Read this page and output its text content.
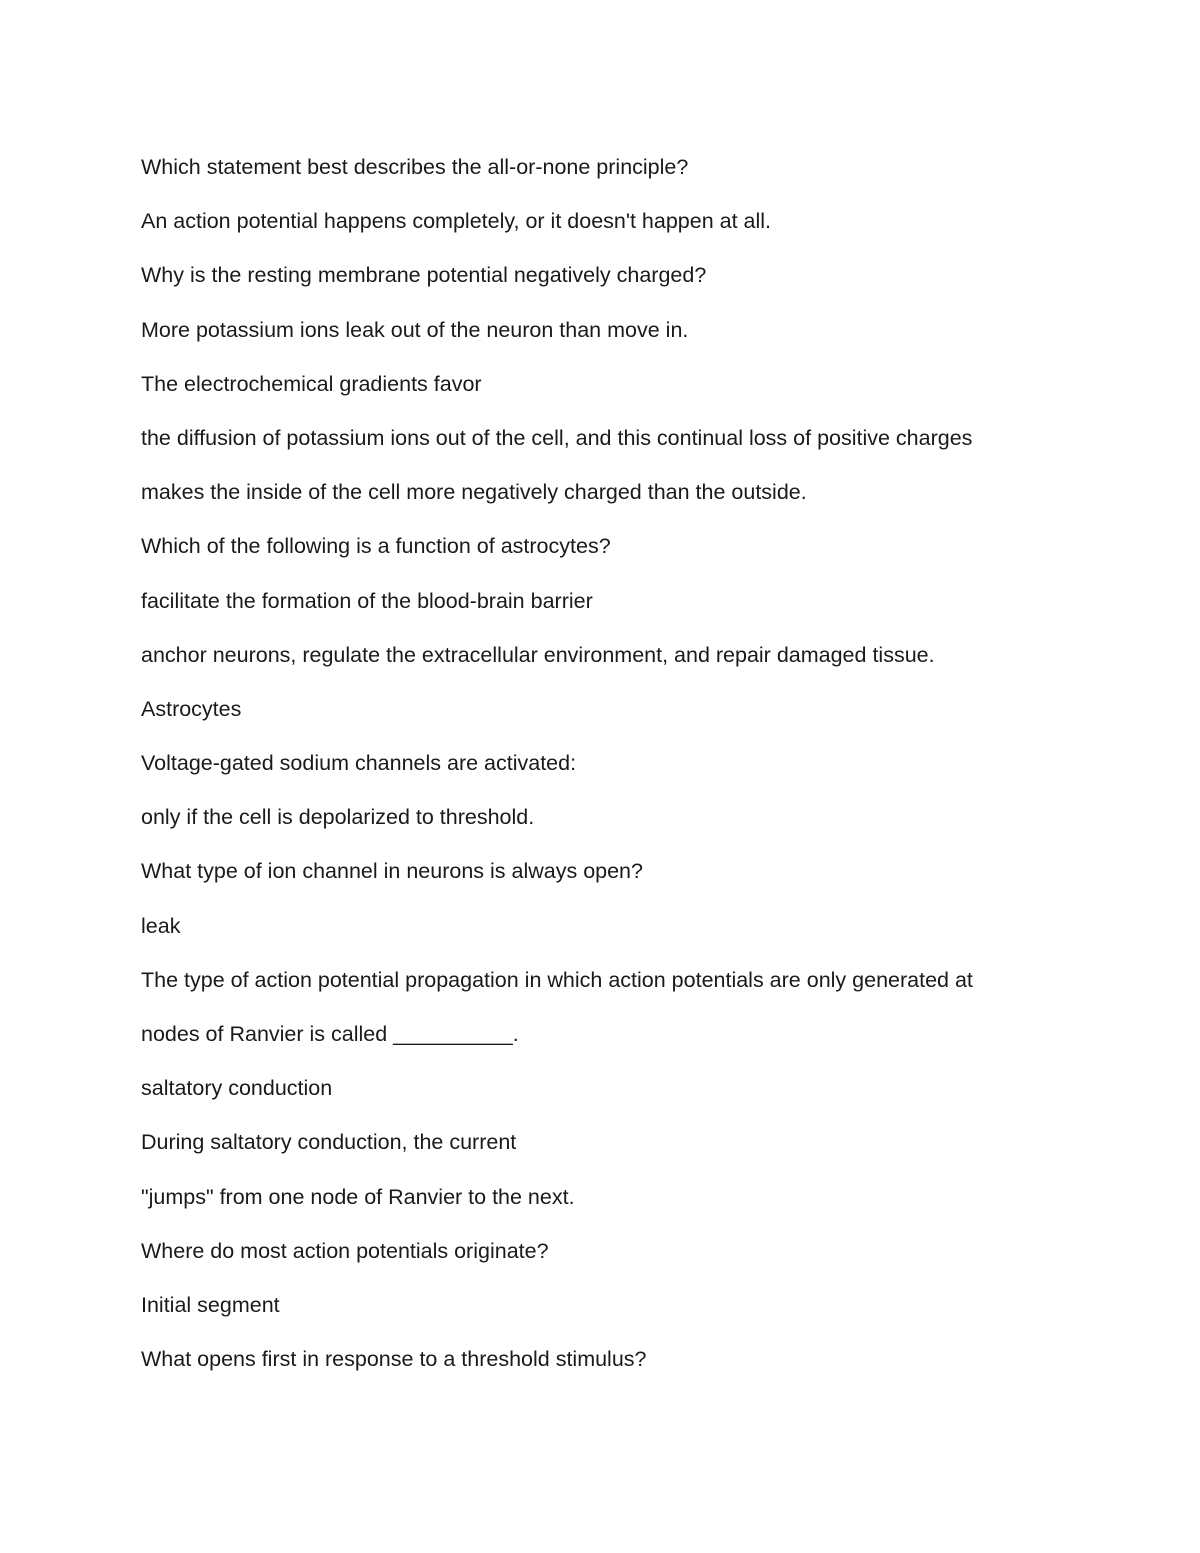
Which statement best describes the all-or-none principle?

An action potential happens completely, or it doesn't happen at all.

Why is the resting membrane potential negatively charged?

More potassium ions leak out of the neuron than move in.

The electrochemical gradients favor

the diffusion of potassium ions out of the cell, and this continual loss of positive charges

makes the inside of the cell more negatively charged than the outside.

Which of the following is a function of astrocytes?

facilitate the formation of the blood-brain barrier

anchor neurons, regulate the extracellular environment, and repair damaged tissue.

Astrocytes

Voltage-gated sodium channels are activated:

only if the cell is depolarized to threshold.

What type of ion channel in neurons is always open?

leak

The type of action potential propagation in which action potentials are only generated at

nodes of Ranvier is called __________.

saltatory conduction

During saltatory conduction, the current

"jumps" from one node of Ranvier to the next.

Where do most action potentials originate?

Initial segment

What opens first in response to a threshold stimulus?
